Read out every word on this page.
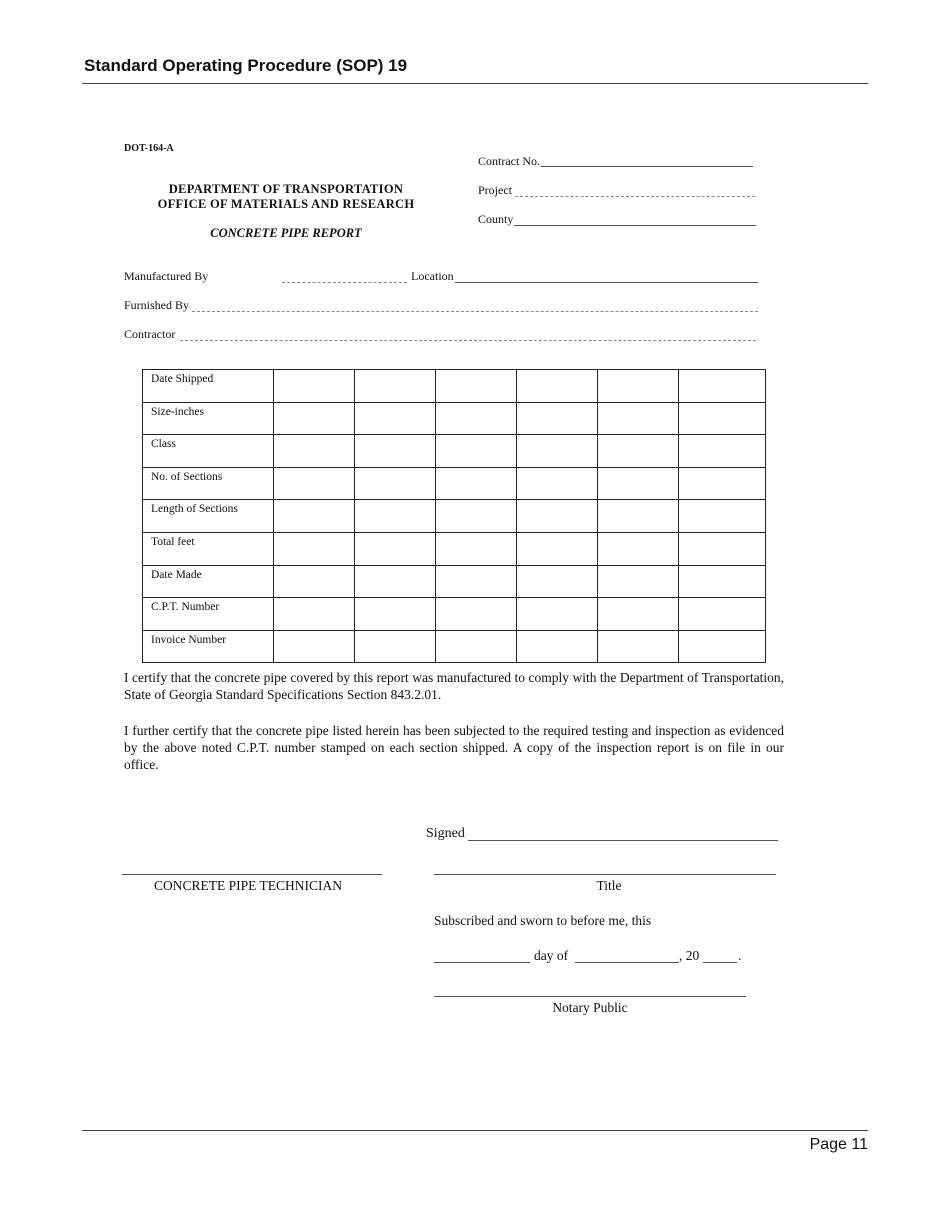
Standard Operating Procedure (SOP) 19
DOT-164-A
Contract No.
Project
County
DEPARTMENT OF TRANSPORTATION
OFFICE OF MATERIALS AND RESEARCH
CONCRETE PIPE REPORT
Manufactured By	Location
Furnished By
Contractor
Date Shipped						
Size-inches						
Class						
No. of Sections						
Length of Sections						
Total feet						
Date Made						
C.P.T. Number						
Invoice Number						
I certify that the concrete pipe covered by this report was manufactured to comply with the Department of Transportation, State of Georgia Standard Specifications Section 843.2.01.
I further certify that the concrete pipe listed herein has been subjected to the required testing and inspection as evidenced by the above noted C.P.T. number stamped on each section shipped. A copy of the inspection report is on file in our office.
Signed
CONCRETE PIPE TECHNICIAN	Title
Subscribed and sworn to before me, this
day of	, 20	.
Notary Public
Page 11
